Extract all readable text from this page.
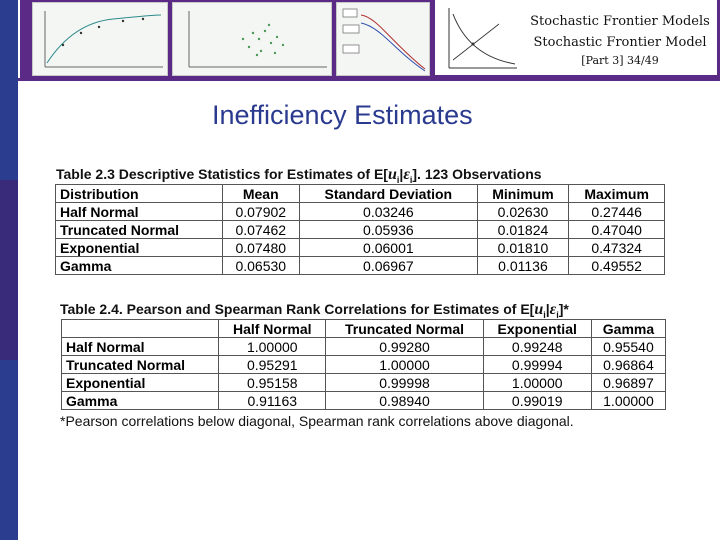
Stochastic Frontier Models
Stochastic Frontier Model
[Part 3] 34/49
Inefficiency Estimates
Table 2.3 Descriptive Statistics for Estimates of $E[u_i|\varepsilon_i]$. 123 Observations
Distribution	Mean	Standard Deviation	Minimum	Maximum
Half Normal	0.07902	0.03246	0.02630	0.27446
Truncated Normal	0.07462	0.05936	0.01824	0.47040
Exponential	0.07480	0.06001	0.01810	0.47324
Gamma	0.06530	0.06967	0.01136	0.49552
Table 2.4. Pearson and Spearman Rank Correlations for Estimates of $E[u_i|\varepsilon_i]*$
	Half Normal	Truncated Normal	Exponential	Gamma
Half Normal	1.00000	0.99280	0.99248	0.95540
Truncated Normal	0.95291	1.00000	0.99994	0.96864
Exponential	0.95158	0.99998	1.00000	0.96897
Gamma	0.91163	0.98940	0.99019	1.00000
*Pearson correlations below diagonal, Spearman rank correlations above diagonal.
